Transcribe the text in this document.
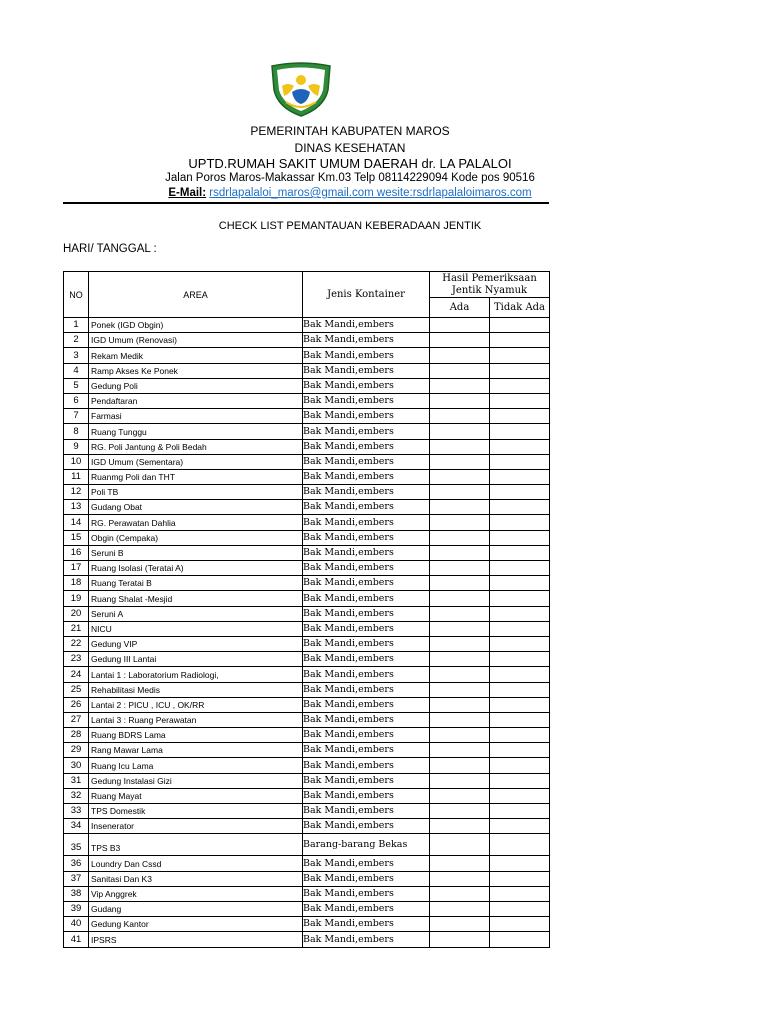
PEMERINTAH KABUPATEN MAROS
DINAS KESEHATAN
UPTD.RUMAH SAKIT UMUM DAERAH dr. LA PALALOI
Jalan Poros Maros-Makassar Km.03 Telp 08114229094 Kode pos 90516
E-Mail: rsdrlapalaloi_maros@gmail.com wesite:rsdrlapalaloimaros.com
CHECK LIST PEMANTAUAN KEBERADAAN JENTIK
HARI/ TANGGAL :
NO	AREA	Jenis Kontainer	Hasil Pemeriksaan
Jentik Nyamuk	

			Ada	Tidak Ada
1	Ponek (IGD Obgin)	Bak Mandi,embers		
2	IGD Umum (Renovasi)	Bak Mandi,embers		
3	Rekam Medik	Bak Mandi,embers		
4	Ramp Akses Ke Ponek	Bak Mandi,embers		
5	Gedung Poli	Bak Mandi,embers		
6	Pendaftaran	Bak Mandi,embers		
7	Farmasi	Bak Mandi,embers		
8	Ruang Tunggu	Bak Mandi,embers		
9	RG. Poli Jantung & Poli Bedah	Bak Mandi,embers		
10	IGD Umum (Sementara)	Bak Mandi,embers		
11	Ruanmg Poli dan THT	Bak Mandi,embers		
12	Poli TB	Bak Mandi,embers		
13	Gudang Obat	Bak Mandi,embers		
14	RG. Perawatan Dahlia	Bak Mandi,embers		
15	Obgin (Cempaka)	Bak Mandi,embers		
16	Seruni B	Bak Mandi,embers		
17	Ruang Isolasi (Teratai A)	Bak Mandi,embers		
18	Ruang Teratai B	Bak Mandi,embers		
19	Ruang Shalat -Mesjid	Bak Mandi,embers		
20	Seruni A	Bak Mandi,embers		
21	NICU	Bak Mandi,embers		
22	Gedung VIP	Bak Mandi,embers		
23	Gedung III Lantai	Bak Mandi,embers		
24	Lantai 1 : Laboratorium Radiologi,	Bak Mandi,embers		
25	Rehabilitasi Medis	Bak Mandi,embers		
26	Lantai 2 : PICU , ICU , OK/RR	Bak Mandi,embers		
27	Lantai 3 : Ruang Perawatan	Bak Mandi,embers		
28	Ruang BDRS Lama	Bak Mandi,embers		
29	Rang Mawar Lama	Bak Mandi,embers		
30	Ruang Icu Lama	Bak Mandi,embers		
31	Gedung Instalasi Gizi	Bak Mandi,embers		
32	Ruang Mayat	Bak Mandi,embers		
33	TPS Domestik	Bak Mandi,embers		
34	Insenerator	Bak Mandi,embers		
35	TPS B3	Barang-barang Bekas		
36	Loundry Dan Cssd	Bak Mandi,embers		
37	Sanitasi Dan K3	Bak Mandi,embers		
38	Vip Anggrek	Bak Mandi,embers		
39	Gudang	Bak Mandi,embers		
40	Gedung Kantor	Bak Mandi,embers		
41	IPSRS	Bak Mandi,embers		
